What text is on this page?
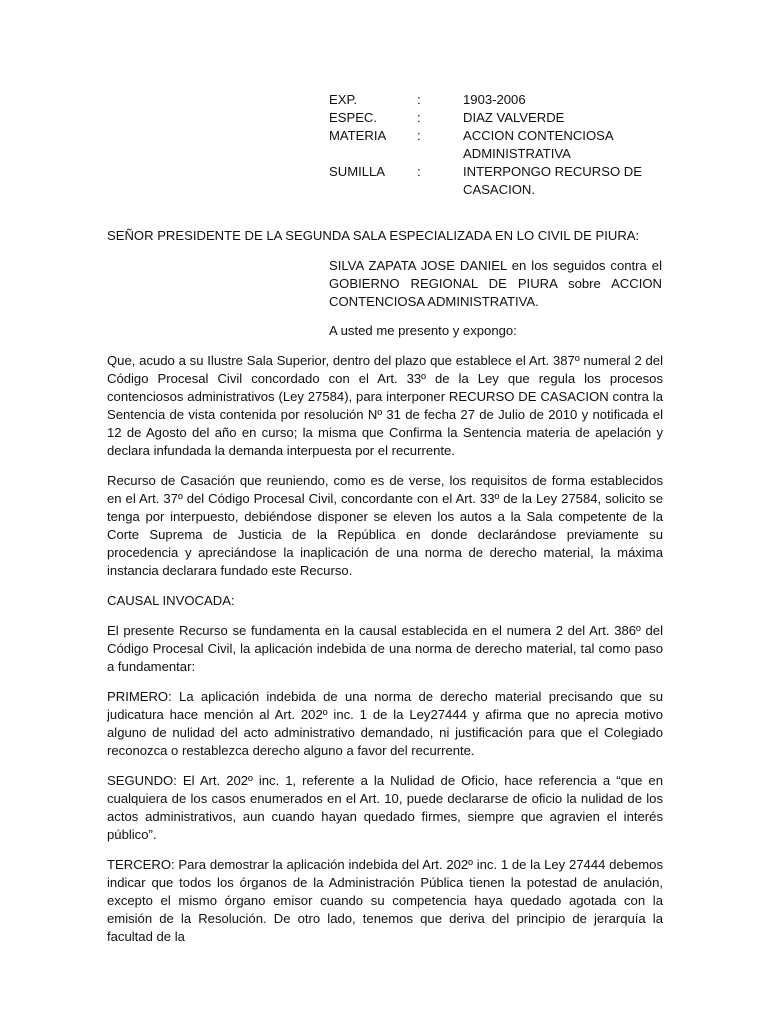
EXP.	:	1903-2006
ESPEC.	:	DIAZ VALVERDE
MATERIA	:	ACCION CONTENCIOSA ADMINISTRATIVA
SUMILLA	:	INTERPONGO RECURSO DE CASACION.
SEÑOR PRESIDENTE DE LA SEGUNDA SALA ESPECIALIZADA EN LO CIVIL DE PIURA:
SILVA ZAPATA JOSE DANIEL en los seguidos contra el GOBIERNO REGIONAL DE PIURA sobre ACCION CONTENCIOSA ADMINISTRATIVA.
A usted me presento y expongo:

Que, acudo a su Ilustre Sala Superior, dentro del plazo que establece el Art. 387º numeral 2 del Código Procesal Civil concordado con el Art. 33º de la Ley que regula los procesos contenciosos administrativos (Ley 27584), para interponer RECURSO DE CASACION contra la Sentencia de vista contenida por resolución Nº 31 de fecha 27 de Julio de 2010 y notificada el 12 de Agosto del año en curso; la misma que Confirma la Sentencia materia de apelación y declara infundada la demanda interpuesta por el recurrente.

Recurso de Casación que reuniendo, como es de verse, los requisitos de forma establecidos en el Art. 37º del Código Procesal Civil, concordante con el Art. 33º de la Ley 27584, solicito se tenga por interpuesto, debiéndose disponer se eleven los autos a la Sala competente de la Corte Suprema de Justicia de la República en donde declarándose previamente su procedencia y apreciándose la inaplicación de una norma de derecho material, la máxima instancia declarara fundado este Recurso.

CAUSAL INVOCADA:

El presente Recurso se fundamenta en la causal establecida en el numera 2 del Art. 386º del Código Procesal Civil, la aplicación indebida de una norma de derecho material, tal como paso a fundamentar:

PRIMERO: La aplicación indebida de una norma de derecho material precisando que su judicatura hace mención al Art. 202º inc. 1 de la Ley27444 y afirma que no aprecia motivo alguno de nulidad del acto administrativo demandado, ni justificación para que el Colegiado reconozca o restablezca derecho alguno a favor del recurrente.

SEGUNDO: El Art. 202º inc. 1, referente a la Nulidad de Oficio, hace referencia a “que en cualquiera de los casos enumerados en el Art. 10, puede declararse de oficio la nulidad de los actos administrativos, aun cuando hayan quedado firmes, siempre que agravien el interés público”.

TERCERO: Para demostrar la aplicación indebida del Art. 202º inc. 1 de la Ley 27444 debemos indicar que todos los órganos de la Administración Pública tienen la potestad de anulación, excepto el mismo órgano emisor cuando su competencia haya quedado agotada con la emisión de la Resolución. De otro lado, tenemos que deriva del principio de jerarquía la facultad de la
